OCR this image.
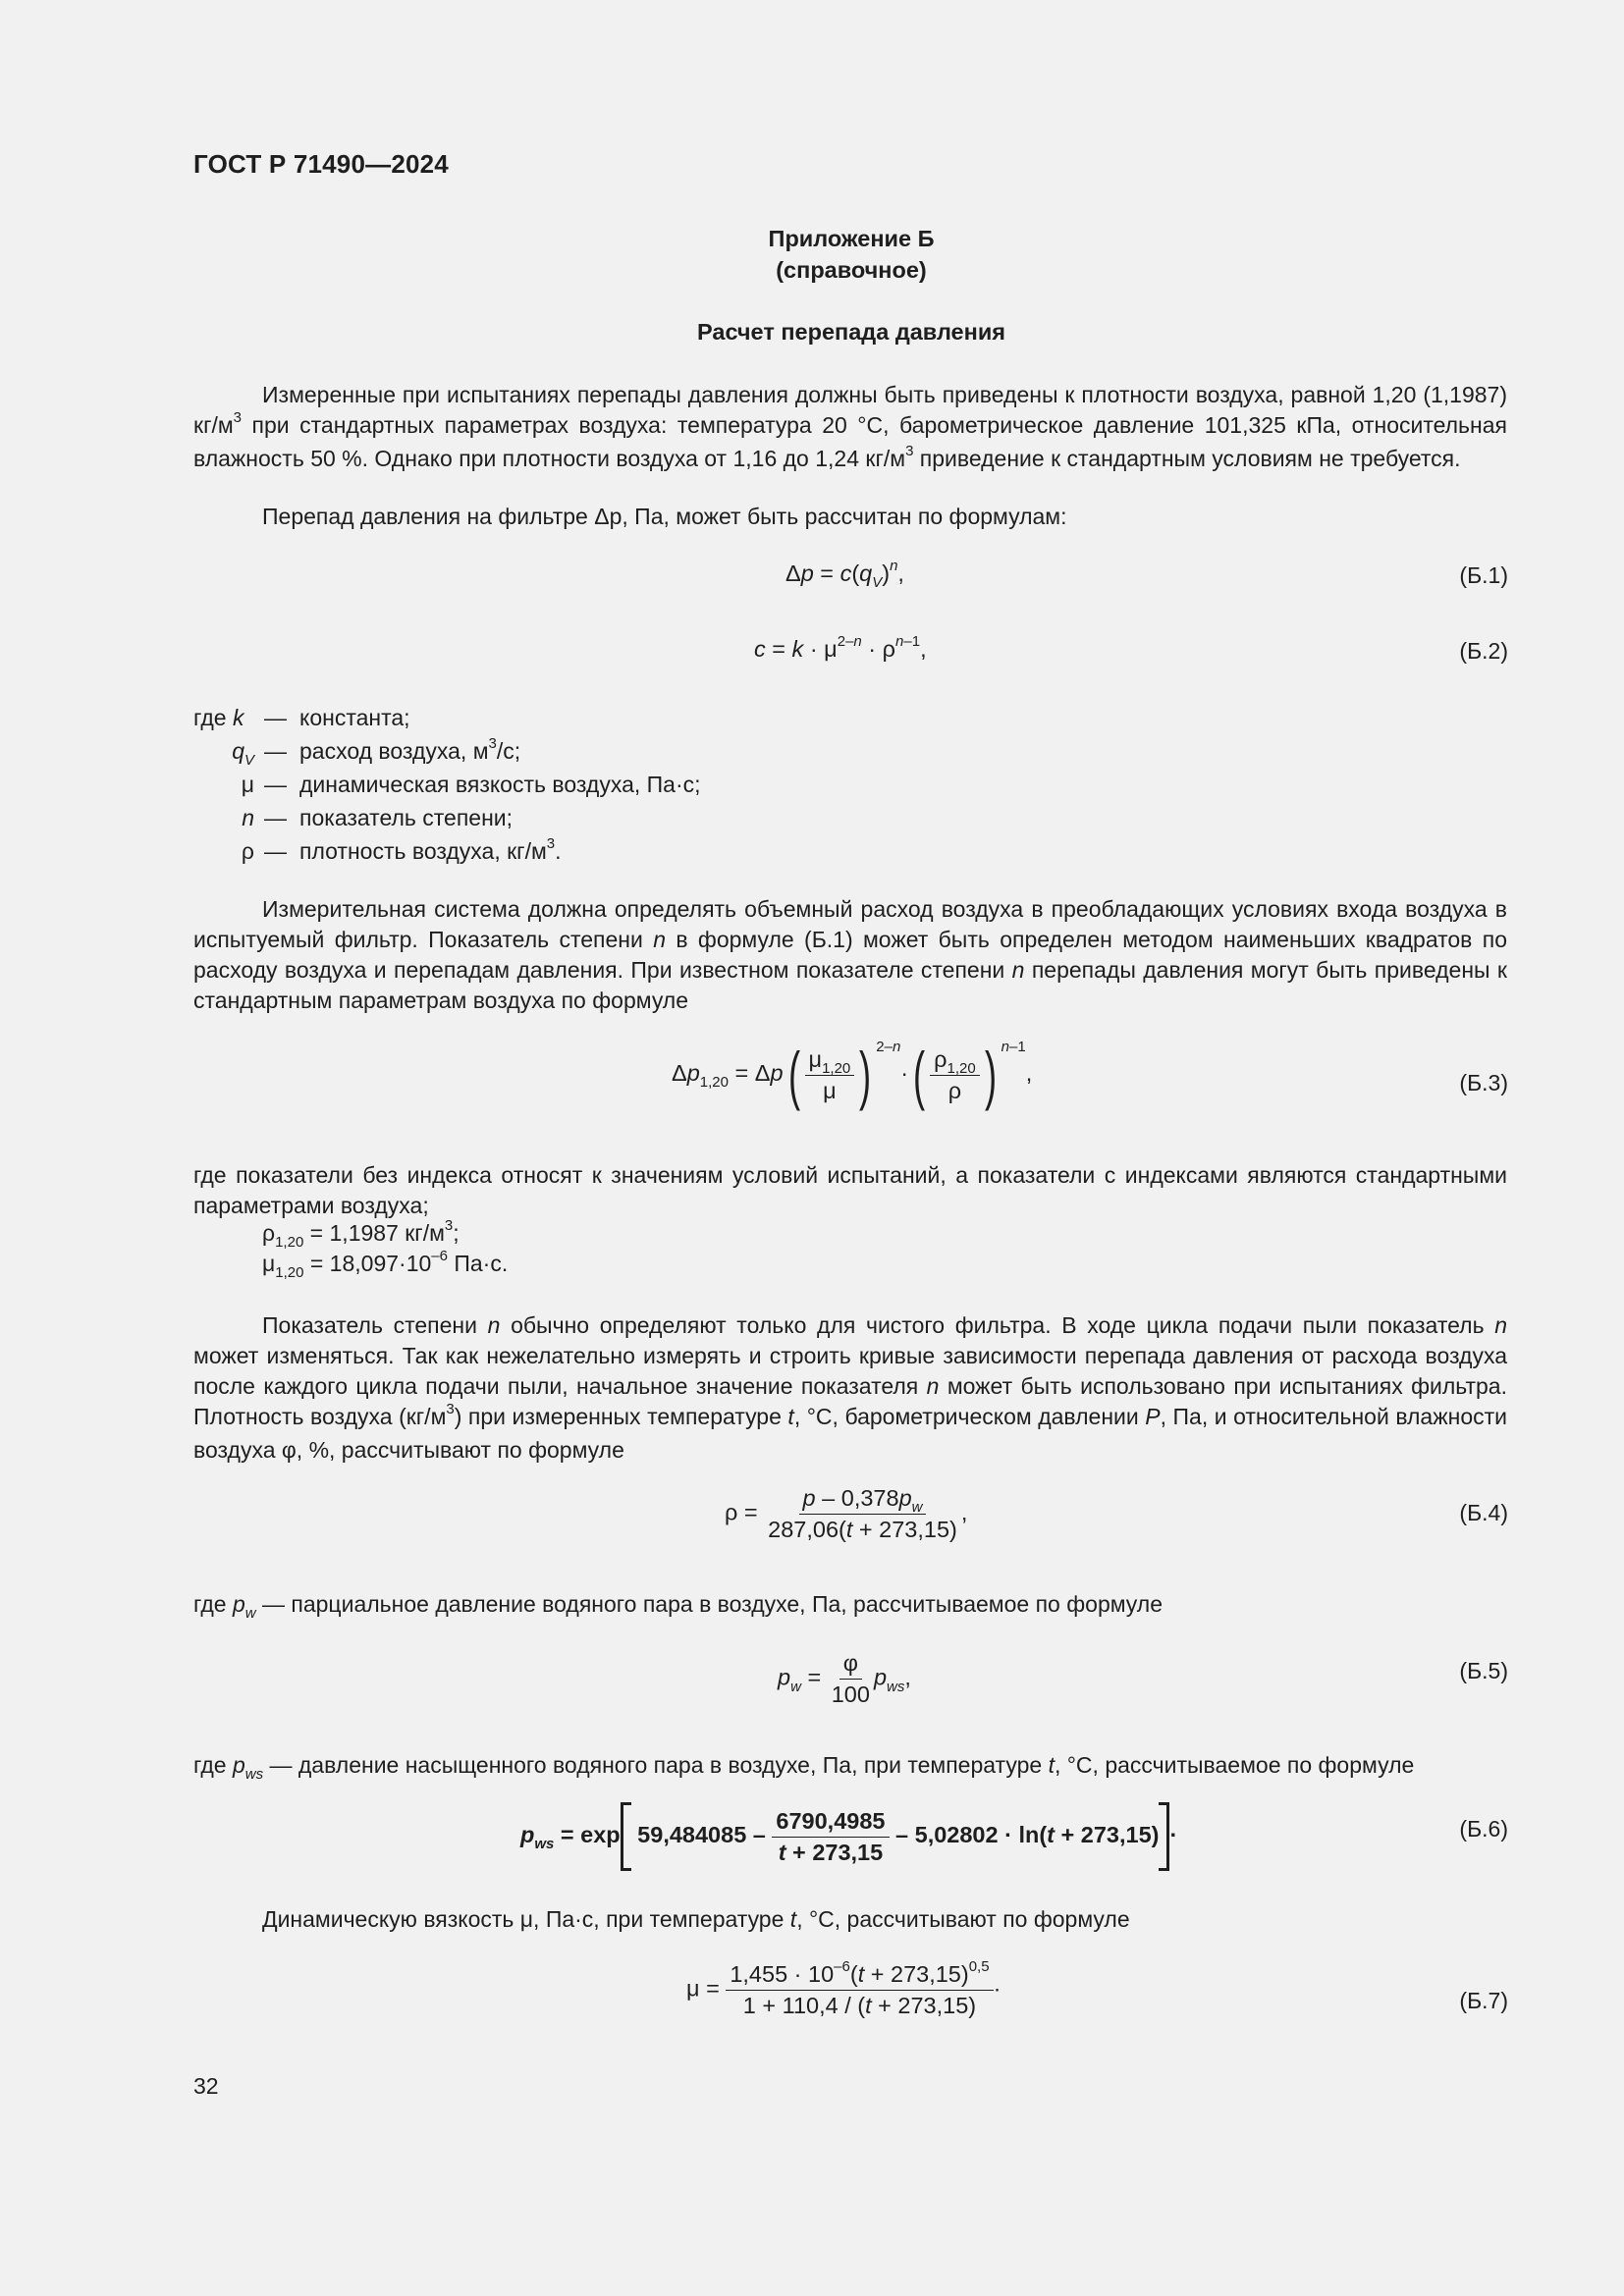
ГОСТ Р 71490—2024
Приложение Б
(справочное)
Расчет перепада давления

Измеренные при испытаниях перепады давления должны быть приведены к плотности воздуха, равной 1,20 (1,1987) $кг/м^3$ при стандартных параметрах воздуха: температура 20 °С, барометрическое давление 101,325 кПа, относительная влажность 50 %. Однако при плотности воздуха от 1,16 до 1,24 $кг/м^3$ приведение к стандартным условиям не требуется.

Перепад давления на фильтре Δp, Па, может быть рассчитан по формулам:

$\Delta p = c(q_V)^n$,	(Б.1)
$c = k \cdot \mu^{2-n} \cdot \rho^{n-1}$,	(Б.2)
где k — константа;
$q_V$ — расход воздуха, $м^3/с$;
μ — динамическая вязкость воздуха, Па·с;
n — показатель степени;
ρ — плотность воздуха, $кг/м^3$.

Измерительная система должна определять объемный расход воздуха в преобладающих условиях входа воздуха в испытуемый фильтр. Показатель степени n в формуле (Б.1) может быть определен методом наименьших квадратов по расходу воздуха и перепадам давления. При известном показателе степени n перепады давления могут быть приведены к стандартным параметрам воздуха по формуле

$\Delta p_{1,20} = \Delta p( \frac{\mu_{1,20}}{\mu}$ ) $^{2-n}\cdot( \frac{\rho_{1,20}}{\rho}$ ) $^{n-1}$,	(Б.3)

где показатели без индекса относят к значениям условий испытаний, а показатели с индексами являются стандартными параметрами воздуха;

$\rho_{1,20} = 1,1987$ $кг/м^3$;
$\mu_{1,20} = 18,097\cdot 10^{-6}$ Па·с.

Показатель степени n обычно определяют только для чистого фильтра. В ходе цикла подачи пыли показатель n может изменяться. Так как нежелательно измерять и строить кривые зависимости перепада давления от расхода воздуха после каждого цикла подачи пыли, начальное значение показателя n может быть использовано при испытаниях фильтра. Плотность воздуха $(кг/м^3)$ при измеренных температуре t, °С, барометрическом давлении P, Па, и относительной влажности воздуха φ, %, рассчитывают по формуле

$\rho = \frac{p - 0,378p_w}{287,06(t + 273,15)}$ ,	(Б.4)

где $p_w$ — парциальное давление водяного пара в воздухе, Па, рассчитываемое по формуле

$p_w = \frac{\varphi}{100} p_{ws}$,	(Б.5)

где $p_{ws}$ — давление насыщенного водяного пара в воздухе, Па, при температуре t, °С, рассчитываемое по формуле

$p_{ws} = \exp 59,484085 - \frac{6790,4985}{t + 273,15} - 5,02802 \cdot \ln(t + 273,15)$ ·	(Б.6)

Динамическую вязкость μ, Па·с, при температуре t, °С, рассчитывают по формуле

$\mu = \frac{1,455 \cdot 10^{-6}(t + 273,15)^{0,5}}{1 + 110,4 / (t + 273,15)}$ ·	(Б.7)
32
